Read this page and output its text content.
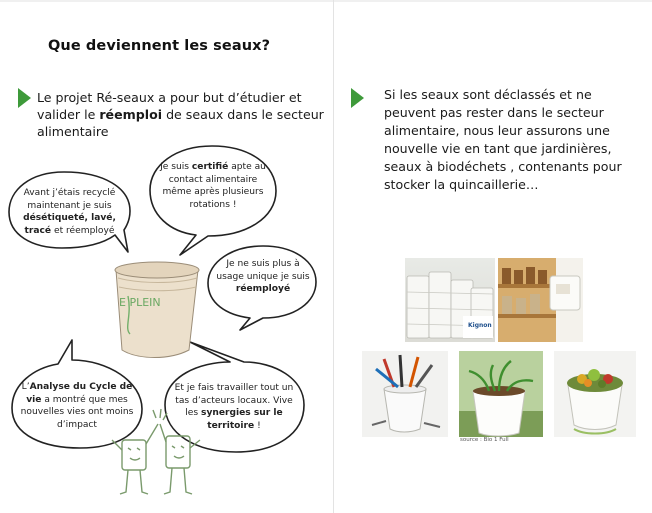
Que deviennent les seaux?
Le projet Ré-seaux a pour but d’étudier et valider le réemploi de seaux dans le secteur alimentaire
Si les seaux sont déclassés et ne peuvent pas rester dans le secteur alimentaire, nous leur assurons une nouvelle vie en tant que jardinières, seaux à biodéchets , contenants pour stocker la quincaillerie…
E PLEIN
Avant j’étais recyclé maintenant je suis désétiqueté, lavé, tracé et réemployé
Je suis certifié apte au contact alimentaire même après plusieurs rotations !
Je ne suis plus à usage unique je suis réemployé
L’Analyse du Cycle de vie a montré que mes nouvelles vies ont moins d’impact
Et je fais travailler tout un tas d’acteurs locaux. Vive les synergies sur le territoire !
Kignon
source : Bio 1 Full
